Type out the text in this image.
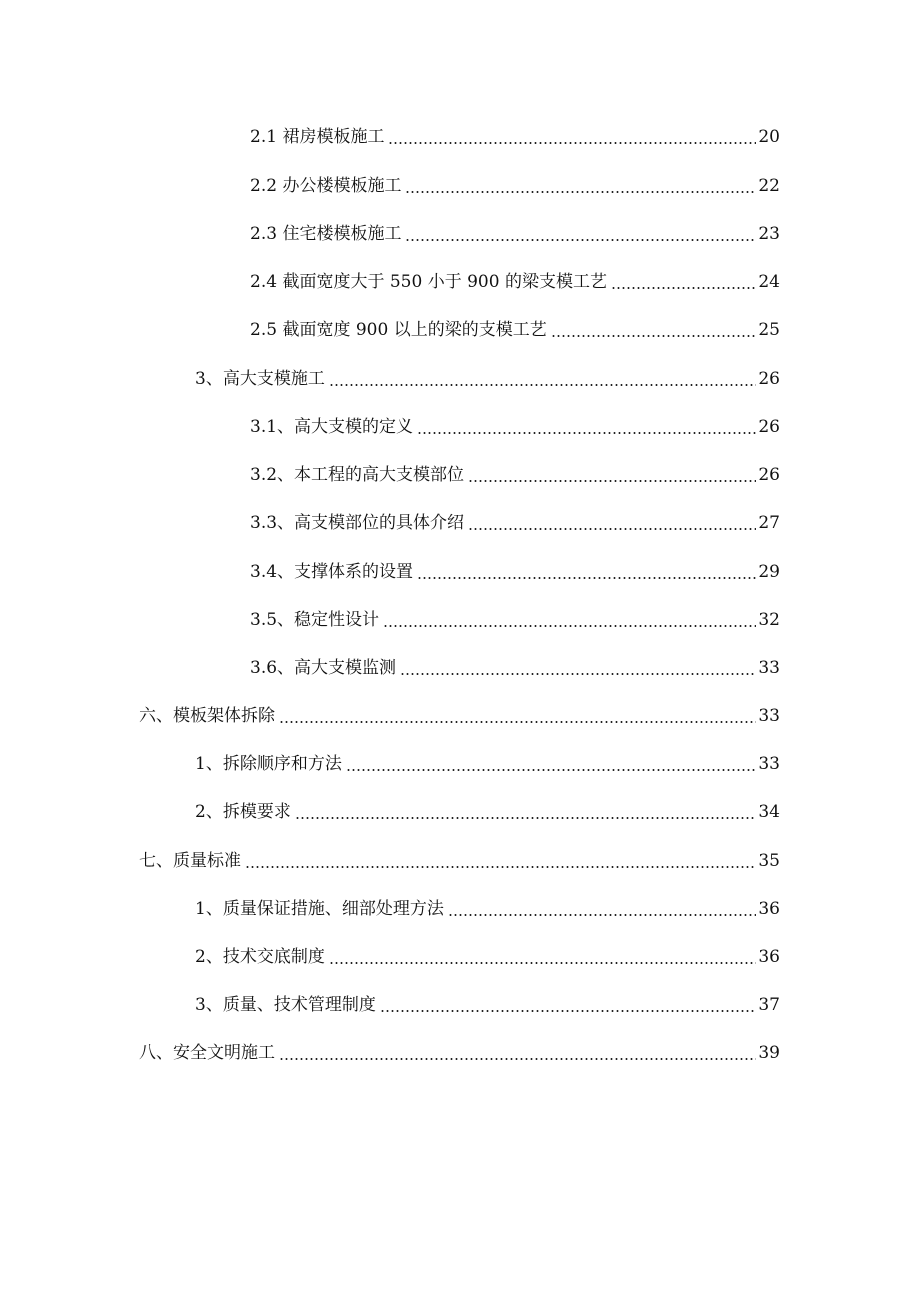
2.1 裙房模板施工	20
2.2 办公楼模板施工	22
2.3 住宅楼模板施工	23
2.4 截面宽度大于 550 小于 900 的梁支模工艺	24
2.5 截面宽度 900 以上的梁的支模工艺	25
3、高大支模施工	26
3.1、高大支模的定义	26
3.2、本工程的高大支模部位	26
3.3、高支模部位的具体介绍	27
3.4、支撑体系的设置	29
3.5、稳定性设计	32
3.6、高大支模监测	33
六、模板架体拆除	33
1、拆除顺序和方法	33
2、拆模要求	34
七、质量标准	35
1、质量保证措施、细部处理方法	36
2、技术交底制度	36
3、质量、技术管理制度	37
八、安全文明施工	39
